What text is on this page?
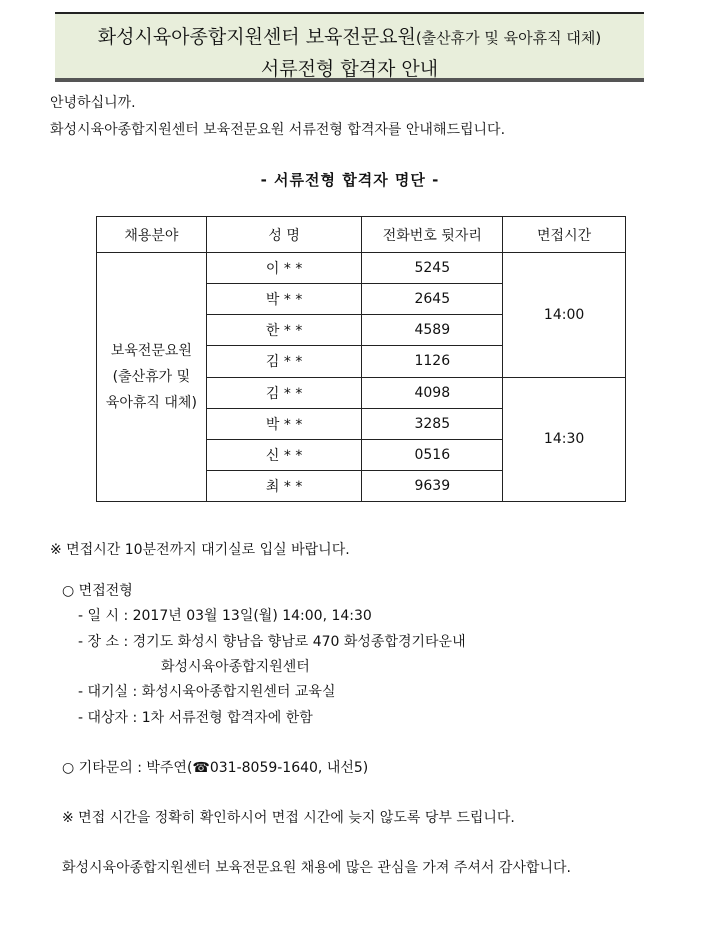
화성시육아종합지원센터 보육전문요원(출산휴가 및 육아휴직 대체)
서류전형 합격자 안내
안녕하십니까.
화성시육아종합지원센터 보육전문요원 서류전형 합격자를 안내해드립니다.
- 서류전형 합격자 명단 -
채용분야	성 명	전화번호 뒷자리	면접시간

보육전문요원
(출산휴가 및
육아휴직 대체)	이 * *	5245	14:00
	박 * *	2645	
	한 * *	4589	
	김 * *	1126	
	김 * *	4098	14:30
	박 * *	3285	
	신 * *	0516	
	최 * *	9639	
※ 면접시간 10분전까지 대기실로 입실 바랍니다.
○ 면접전형
- 일 시 : 2017년 03월 13일(월) 14:00, 14:30
- 장 소 : 경기도 화성시 향남읍 향남로 470 화성종합경기타운내
화성시육아종합지원센터
- 대기실 : 화성시육아종합지원센터 교육실
- 대상자 : 1차 서류전형 합격자에 한함
○ 기타문의 : 박주연(☎031-8059-1640, 내선5)
※ 면접 시간을 정확히 확인하시어 면접 시간에 늦지 않도록 당부 드립니다.
화성시육아종합지원센터 보육전문요원 채용에 많은 관심을 가져 주셔서 감사합니다.
